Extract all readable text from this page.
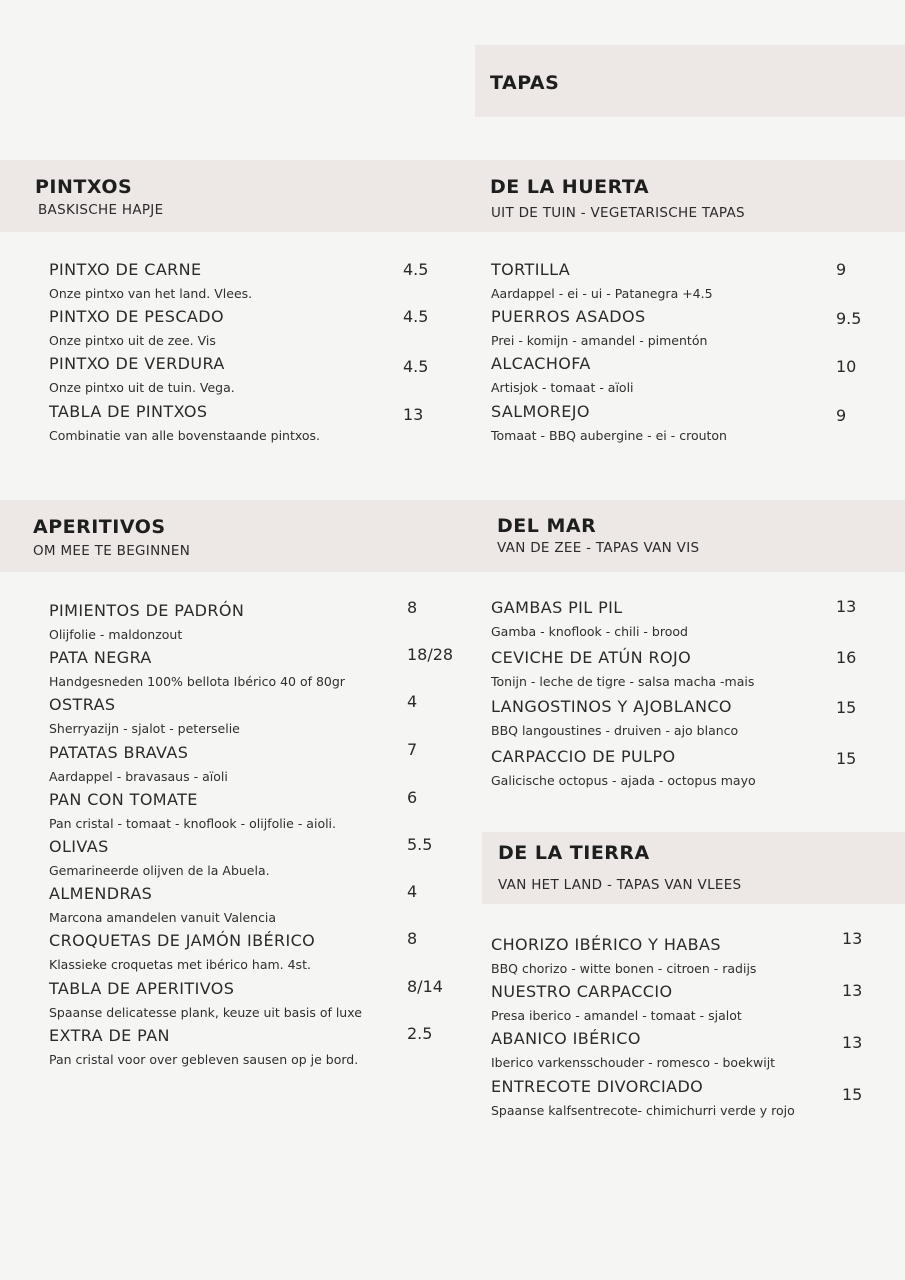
TAPAS
PINTXOS
BASKISCHE HAPJE
DE LA HUERTA
UIT DE TUIN - VEGETARISCHE TAPAS
APERITIVOS
OM MEE TE BEGINNEN
DEL MAR
VAN DE ZEE - TAPAS VAN VIS
DE LA TIERRA
VAN HET LAND - TAPAS VAN VLEES
PINTXO DE CARNE
Onze pintxo van het land. Vlees.
4.5
PINTXO DE PESCADO
Onze pintxo uit de zee. Vis
4.5
PINTXO DE VERDURA
Onze pintxo uit de tuin. Vega.
4.5
TABLA DE PINTXOS
Combinatie van alle bovenstaande pintxos.
13
TORTILLA
Aardappel - ei - ui - Patanegra +4.5
9
PUERROS ASADOS
Prei - komijn - amandel - pimentón
9.5
ALCACHOFA
Artisjok - tomaat - aïoli
10
SALMOREJO
Tomaat - BBQ aubergine - ei - crouton
9
PIMIENTOS DE PADRÓN
Olijfolie - maldonzout
8
PATA NEGRA
Handgesneden 100% bellota Ibérico 40 of 80gr
18/28
OSTRAS
Sherryazijn - sjalot - peterselie
4
PATATAS BRAVAS
Aardappel - bravasaus - aïoli
7
PAN CON TOMATE
Pan cristal - tomaat - knoflook - olijfolie - aioli.
6
OLIVAS
Gemarineerde olijven de la Abuela.
5.5
ALMENDRAS
Marcona amandelen vanuit Valencia
4
CROQUETAS DE JAMÓN IBÉRICO
Klassieke croquetas met ibérico ham. 4st.
8
TABLA DE APERITIVOS
Spaanse delicatesse plank, keuze uit basis of luxe
8/14
EXTRA DE PAN
Pan cristal voor over gebleven sausen op je bord.
2.5
GAMBAS PIL PIL
Gamba - knoflook - chili - brood
13
CEVICHE DE ATÚN ROJO
Tonijn - leche de tigre - salsa macha -mais
16
LANGOSTINOS Y AJOBLANCO
BBQ langoustines - druiven - ajo blanco
15
CARPACCIO DE PULPO
Galicische octopus - ajada - octopus mayo
15
CHORIZO IBÉRICO Y HABAS
BBQ chorizo - witte bonen - citroen - radijs
13
NUESTRO CARPACCIO
Presa iberico - amandel - tomaat - sjalot
13
ABANICO IBÉRICO
Iberico varkensschouder - romesco - boekwijt
13
ENTRECOTE DIVORCIADO
Spaanse kalfsentrecote- chimichurri verde y rojo
15
